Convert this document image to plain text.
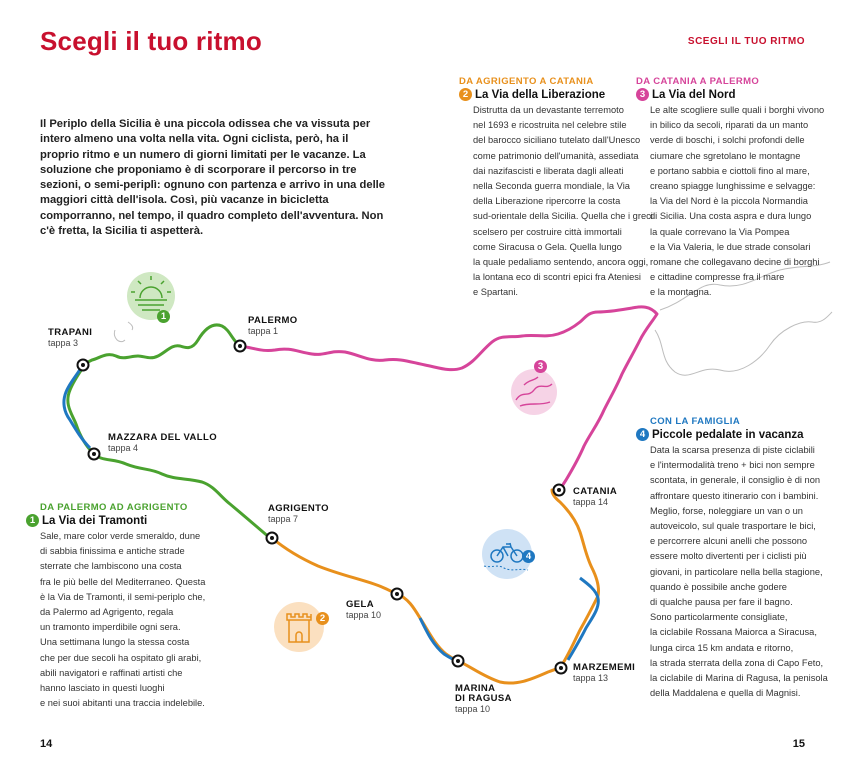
Scegli il tuo ritmo	SCEGLI IL TUO RITMO
Il Periplo della Sicilia è una piccola odissea che va vissuta per intero almeno una volta nella vita. Ogni ciclista, però, ha il proprio ritmo e un numero di giorni limitati per le vacanze. La soluzione che proponiamo è di scorporare il percorso in tre sezioni, o semi-periplì: ognuno con partenza e arrivo in una delle maggiori città dell'isola. Così, più vacanze in bicicletta comporranno, nel tempo, il quadro completo dell'avventura. Non c'è fretta, la Sicilia ti aspetterà.
1
2
3
4
PALERMO
tappa 1
TRAPANI
tappa 3
MAZZARA DEL VALLO
tappa 4
AGRIGENTO
tappa 7
GELA
tappa 10
MARINA
DI RAGUSA
tappa 10
MARZEMEMI
tappa 13
CATANIA
tappa 14
DA AGRIGENTO A CATANIA
2 La Via della Liberazione
Distrutta da un devastante terremoto
nel 1693 e ricostruita nel celebre stile
del barocco siciliano tutelato dall'Unesco
come patrimonio dell'umanità, assediata
dai nazifascisti e liberata dagli alleati
nella Seconda guerra mondiale, la Via
della Liberazione ripercorre la costa
sud-orientale della Sicilia. Quella che i greci
scelsero per costruire città immortali
come Siracusa o Gela. Quella lungo
la quale pedaliamo sentendo, ancora oggi,
la lontana eco di scontri epici fra Ateniesi
e Spartani.
DA CATANIA A PALERMO
3 La Via del Nord
Le alte scogliere sulle quali i borghi vivono
in bilico da secoli, riparati da un manto
verde di boschi, i solchi profondi delle
ciumare che sgretolano le montagne
e portano sabbia e ciottoli fino al mare,
creano spiagge lunghissime e selvagge:
la Via del Nord è la piccola Normandia
di Sicilia. Una costa aspra e dura lungo
la quale correvano la Via Pompea
e la Via Valeria, le due strade consolari
romane che collegavano decine di borghi
e cittadine compresse fra il mare
e la montagna.
DA PALERMO AD AGRIGENTO
1 La Via dei Tramonti
Sale, mare color verde smeraldo, dune
di sabbia finissima e antiche strade
sterrate che lambiscono una costa
fra le più belle del Mediterraneo. Questa
è la Via de Tramonti, il semi-periplo che,
da Palermo ad Agrigento, regala
un tramonto imperdibile ogni sera.
Una settimana lungo la stessa costa
che per due secoli ha ospitato gli arabi,
abili navigatori e raffinati artisti che
hanno lasciato in questi luoghi
e nei suoi abitanti una traccia indelebile.
CON LA FAMIGLIA
4 Piccole pedalate in vacanza
Data la scarsa presenza di piste ciclabili
e l'intermodalità treno + bici non sempre
scontata, in generale, il consiglio è di non
affrontare questo itinerario con i bambini.
Meglio, forse, noleggiare un van o un
autoveicolo, sul quale trasportare le bici,
e percorrere alcuni anelli che possono
essere molto divertenti per i ciclisti più
giovani, in particolare nella bella stagione,
quando è possibile anche godere
di qualche pausa per fare il bagno.
Sono particolarmente consigliate,
la ciclabile Rossana Maiorca a Siracusa,
lunga circa 15 km andata e ritorno,
la strada sterrata della zona di Capo Feto,
la ciclabile di Marina di Ragusa, la penisola
della Maddalena e quella di Magnisi.
14	15
